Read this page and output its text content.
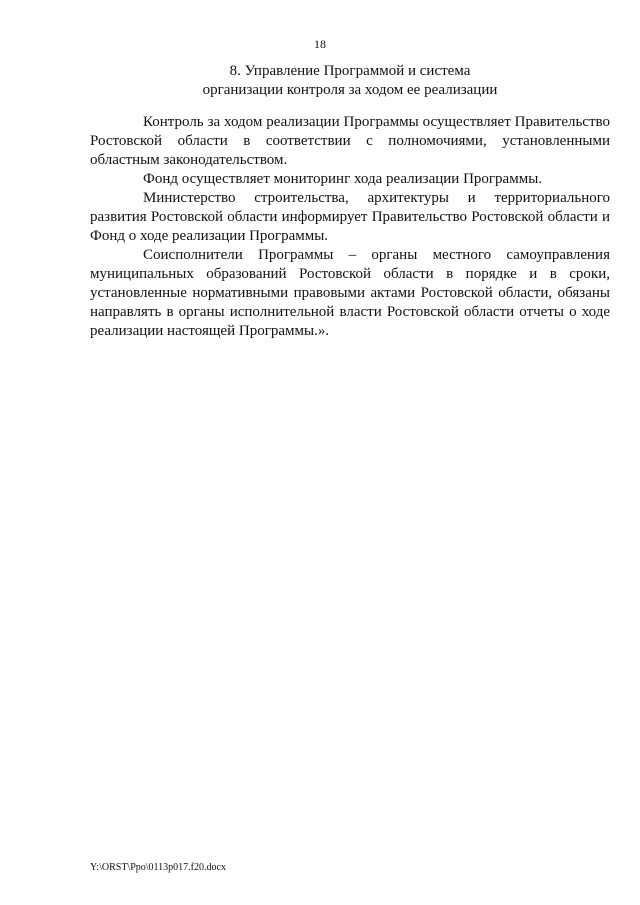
18
8. Управление Программой и система
организации контроля за ходом ее реализации

Контроль за ходом реализации Программы осуществляет Правительство Ростовской области в соответствии с полномочиями, установленными областным законодательством.

Фонд осуществляет мониторинг хода реализации Программы.

Министерство строительства, архитектуры и территориального развития Ростовской области информирует Правительство Ростовской области и Фонд о ходе реализации Программы.

Соисполнители Программы – органы местного самоуправления муниципальных образований Ростовской области в порядке и в сроки, установленные нормативными правовыми актами Ростовской области, обязаны направлять в органы исполнительной власти Ростовской области отчеты о ходе реализации настоящей Программы.».

Y:\ORST\Ppo\0113p017.f20.docx
